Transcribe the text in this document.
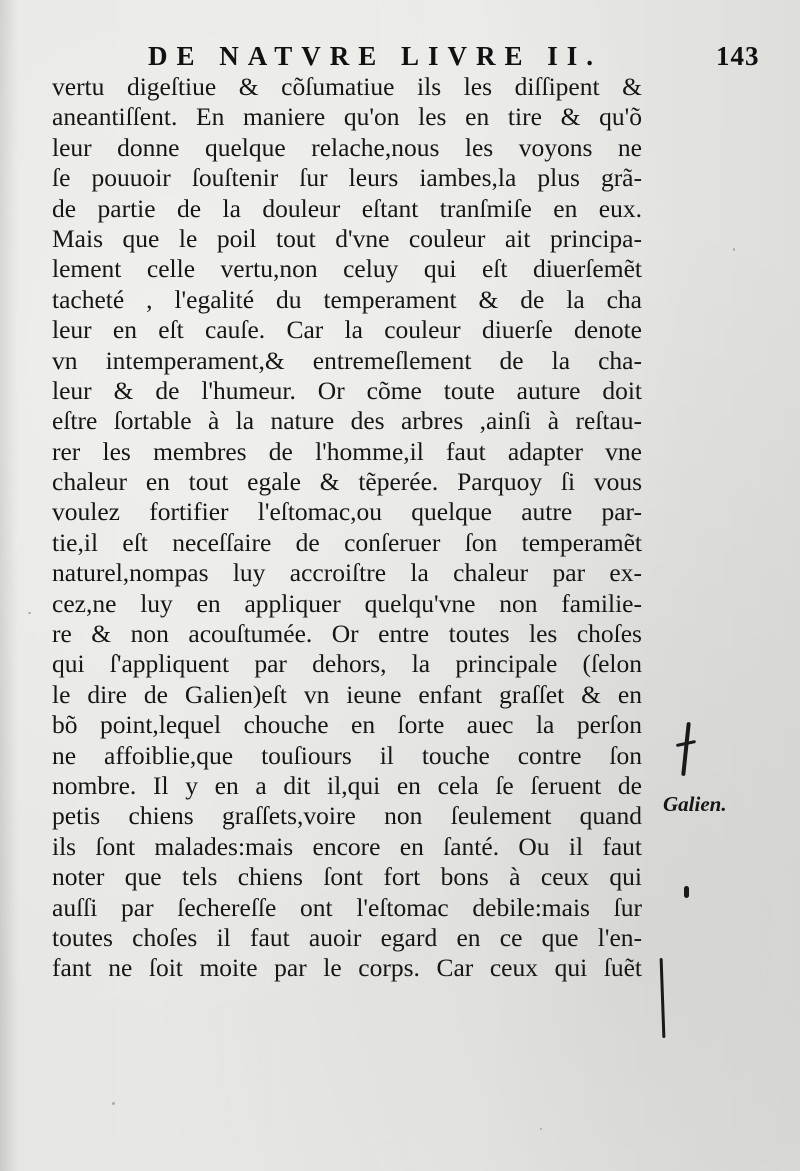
DE NATVRE LIVRE II.	143
vertu digeſtiue & cõſumatiue ils les diſſipent &
aneantiſſent. En maniere qu'on les en tire & qu'õ
leur donne quelque relache,nous les voyons ne
ſe pouuoir ſouſtenir ſur leurs iambes,la plus grã-
de partie de la douleur eſtant tranſmiſe en eux.
Mais que le poil tout d'vne couleur ait principa-
lement celle vertu,non celuy qui eſt diuerſemẽt
tacheté , l'egalité du temperament & de la cha
leur en eſt cauſe. Car la couleur diuerſe denote
vn intemperament,& entremeſlement de la cha-
leur & de l'humeur. Or cõme toute auture doit
eſtre ſortable à la nature des arbres ,ainſi à reſtau-
rer les membres de l'homme,il faut adapter vne
chaleur en tout egale & tẽperée. Parquoy ſi vous
voulez fortifier l'eſtomac,ou quelque autre par-
tie,il eſt neceſſaire de conſeruer ſon temperamẽt
naturel,nompas luy accroiſtre la chaleur par ex-
cez,ne luy en appliquer quelqu'vne non familie-
re & non acouſtumée. Or entre toutes les choſes
qui ſ'appliquent par dehors, la principale (ſelon
le dire de Galien)eſt vn ieune enfant graſſet & en
bõ point,lequel chouche en ſorte auec la perſon
ne affoiblie,que touſiours il touche contre ſon
nombre. Il y en a dit il,qui en cela ſe ſeruent de
petis chiens graſſets,voire non ſeulement quand
ils ſont malades:mais encore en ſanté. Ou il faut
noter que tels chiens ſont fort bons à ceux qui
auſſi par ſechereſſe ont l'eſtomac debile:mais ſur
toutes choſes il faut auoir egard en ce que l'en-
fant ne ſoit moite par le corps. Car ceux qui ſuẽt
Galien.
